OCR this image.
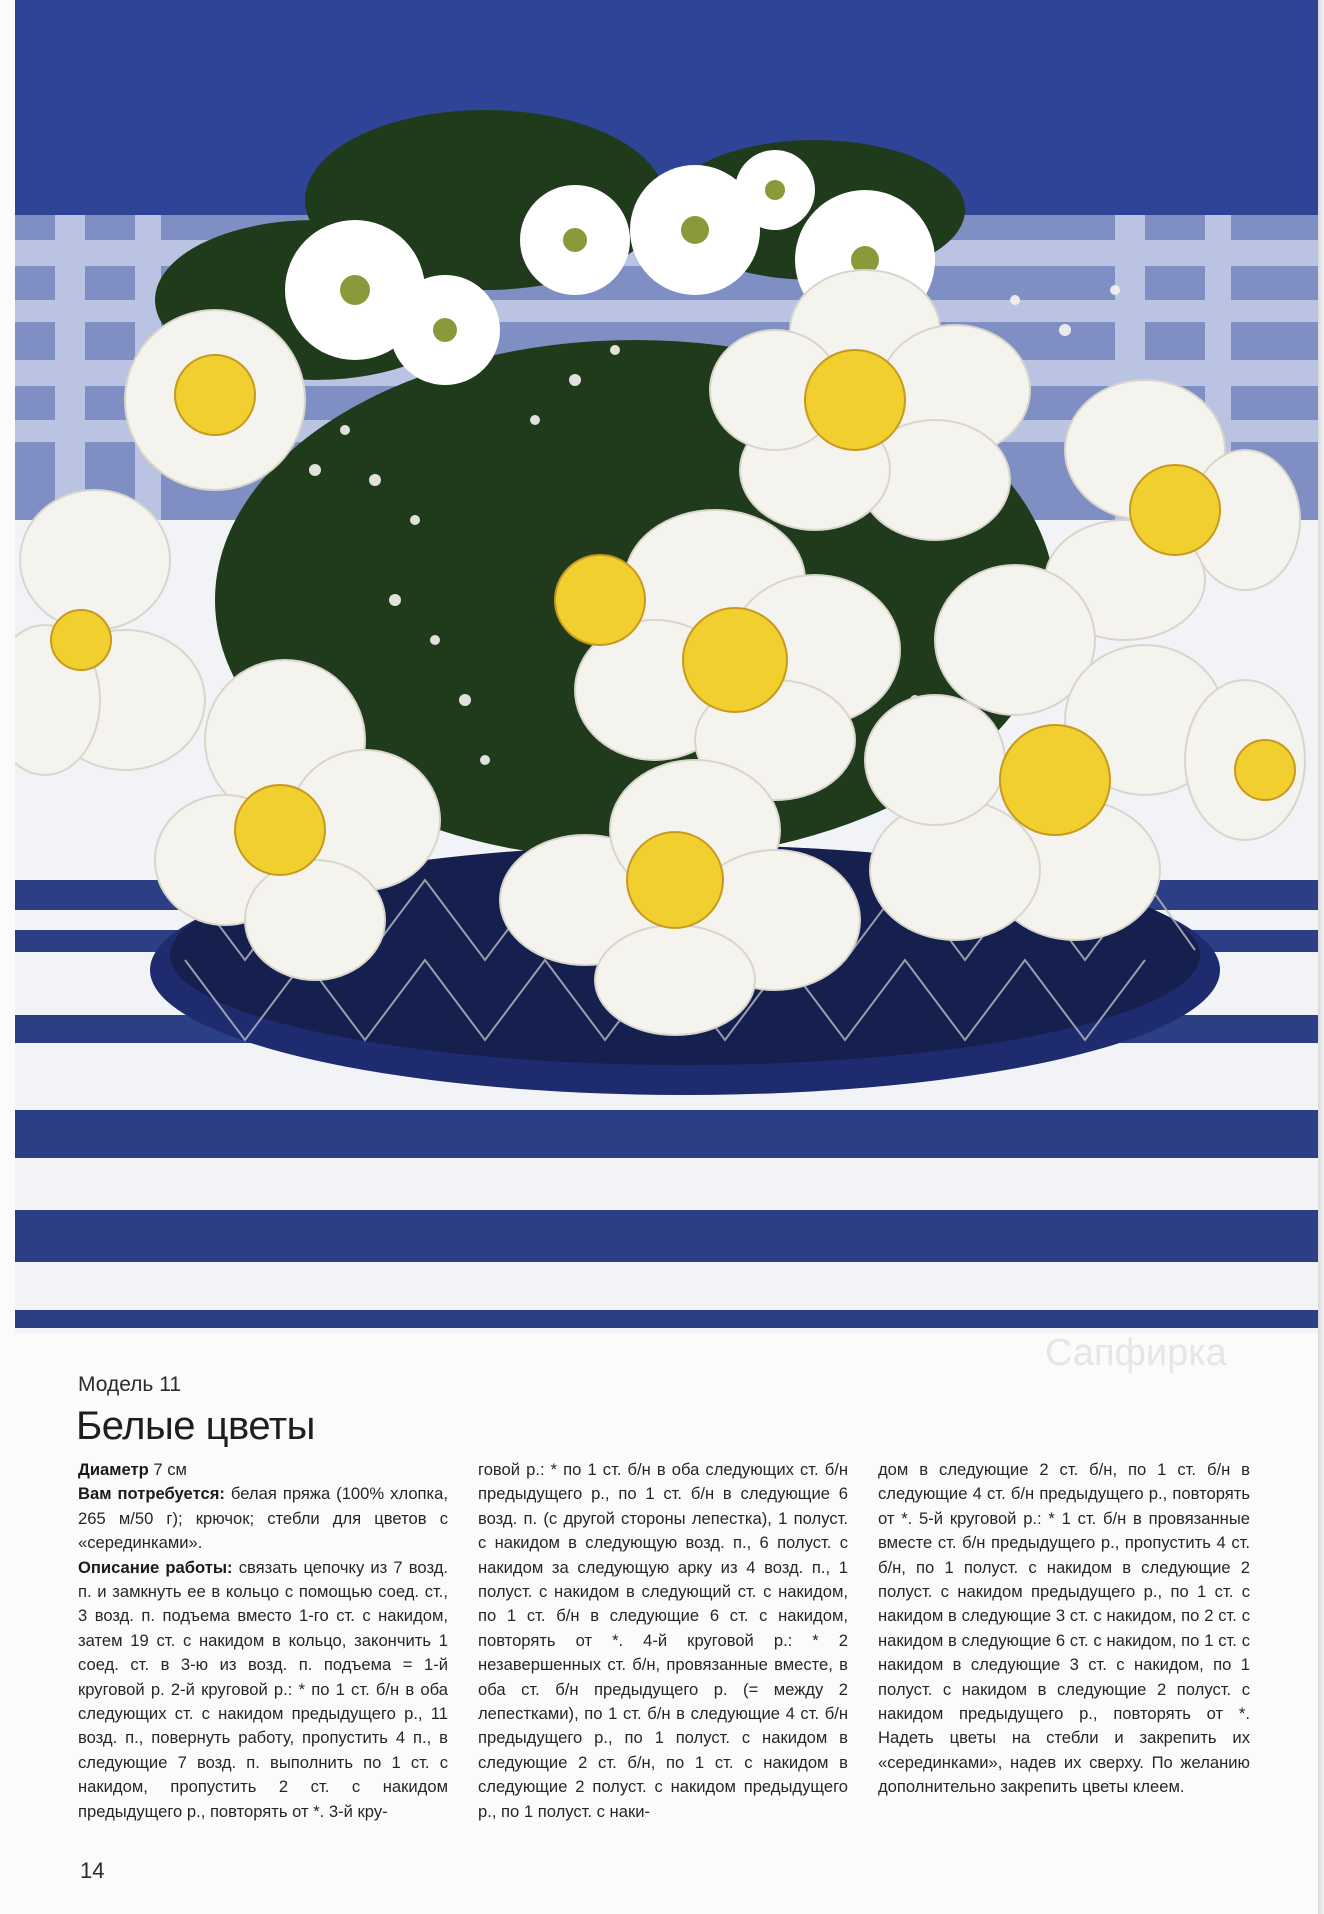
Сапфирка
Модель 11
Белые цветы
Диаметр 7 см
Вам потребуется: белая пряжа (100% хлопка, 265 м/50 г); крючок; стебли для цветов с «серединками».
Описание работы: связать цепочку из 7 возд. п. и замкнуть ее в кольцо с помощью соед. ст., 3 возд. п. подъема вместо 1-го ст. с накидом, затем 19 ст. с накидом в кольцо, закончить 1 соед. ст. в 3-ю из возд. п. подъема = 1-й круговой р. 2-й круговой р.: * по 1 ст. б/н в оба следующих ст. с накидом предыдущего р., 11 возд. п., повернуть работу, пропустить 4 п., в следующие 7 возд. п. выполнить по 1 ст. с накидом, пропустить 2 ст. с накидом предыдущего р., повторять от *. 3-й кру-
говой р.: * по 1 ст. б/н в оба следующих ст. б/н предыдущего р., по 1 ст. б/н в следующие 6 возд. п. (с другой стороны лепестка), 1 полуст. с накидом в следующую возд. п., 6 полуст. с накидом за следующую арку из 4 возд. п., 1 полуст. с накидом в следующий ст. с накидом, по 1 ст. б/н в следующие 6 ст. с накидом, повторять от *. 4-й круговой р.: * 2 незавершенных ст. б/н, провязанные вместе, в оба ст. б/н предыдущего р. (= между 2 лепестками), по 1 ст. б/н в следующие 4 ст. б/н предыдущего р., по 1 полуст. с накидом в следующие 2 ст. б/н, по 1 ст. с накидом в следующие 2 полуст. с накидом предыдущего р., по 1 полуст. с наки-
дом в следующие 2 ст. б/н, по 1 ст. б/н в следующие 4 ст. б/н предыдущего р., повторять от *. 5-й круговой р.: * 1 ст. б/н в провязанные вместе ст. б/н предыдущего р., пропустить 4 ст. б/н, по 1 полуст. с накидом в следующие 2 полуст. с накидом предыдущего р., по 1 ст. с накидом в следующие 3 ст. с накидом, по 2 ст. с накидом в следующие 6 ст. с накидом, по 1 ст. с накидом в следующие 3 ст. с накидом, по 1 полуст. с накидом в следующие 2 полуст. с накидом предыдущего р., повторять от *. Надеть цветы на стебли и закрепить их «серединками», надев их сверху. По желанию дополнительно закрепить цветы клеем.
14
